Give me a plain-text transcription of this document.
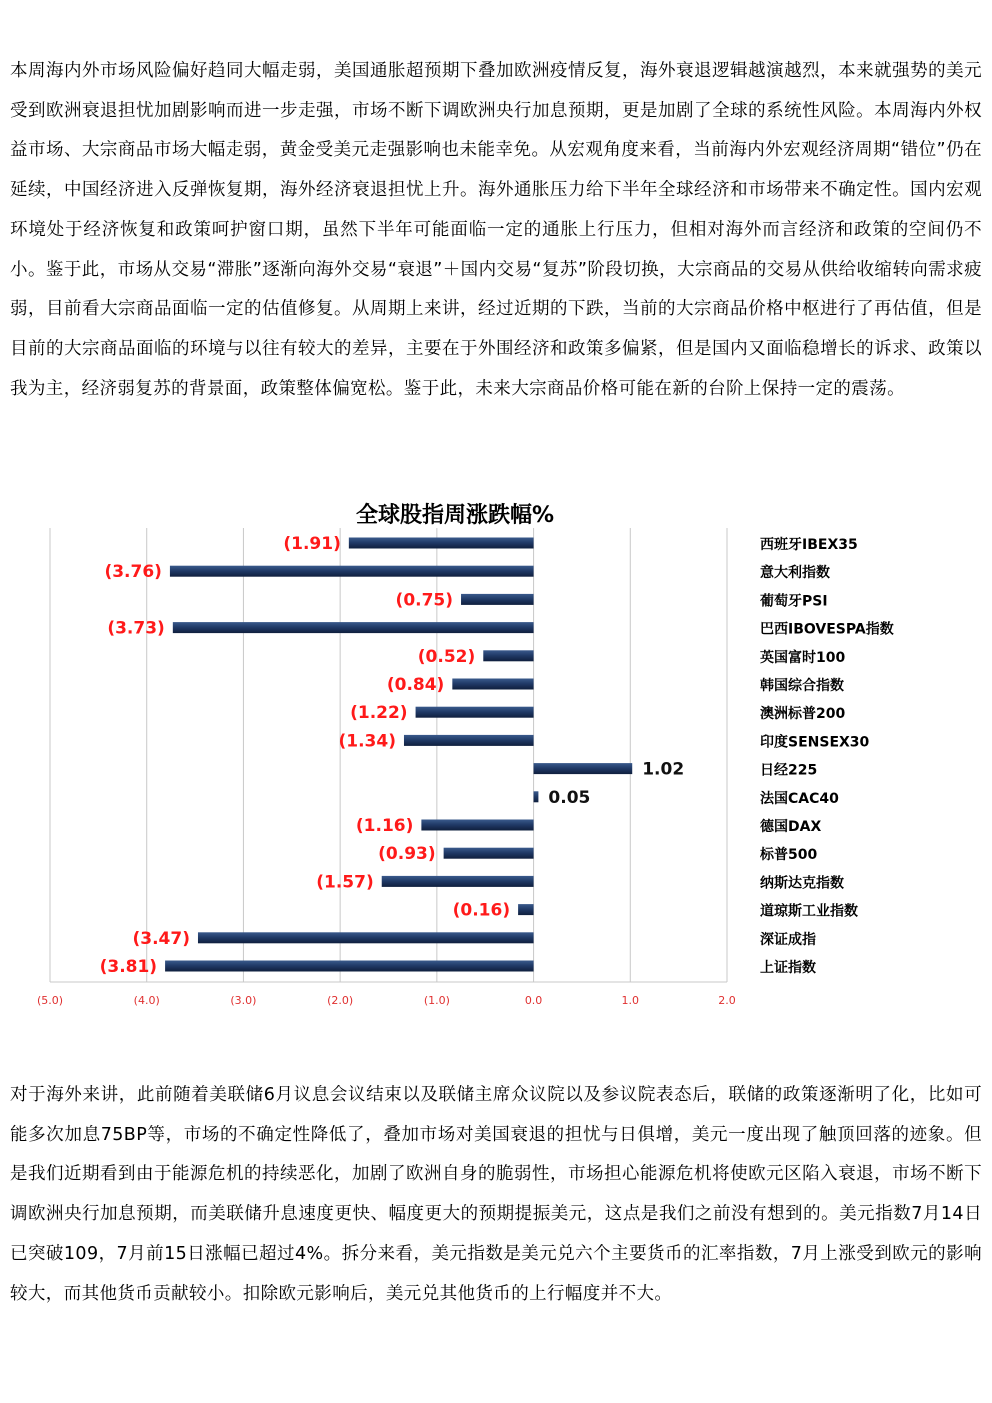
本周海内外市场风险偏好趋同大幅走弱，美国通胀超预期下叠加欧洲疫情反复，海外衰退逻辑越演越烈，本来就强势的美元受到欧洲衰退担忧加剧影响而进一步走强，市场不断下调欧洲央行加息预期，更是加剧了全球的系统性风险。本周海内外权益市场、大宗商品市场大幅走弱，黄金受美元走强影响也未能幸免。从宏观角度来看，当前海内外宏观经济周期“错位”仍在延续，中国经济进入反弹恢复期，海外经济衰退担忧上升。海外通胀压力给下半年全球经济和市场带来不确定性。国内宏观环境处于经济恢复和政策呵护窗口期，虽然下半年可能面临一定的通胀上行压力，但相对海外而言经济和政策的空间仍不小。鉴于此，市场从交易“滞胀”逐渐向海外交易“衰退”＋国内交易“复苏”阶段切换，大宗商品的交易从供给收缩转向需求疲弱，目前看大宗商品面临一定的估值修复。从周期上来讲，经过近期的下跌，当前的大宗商品价格中枢进行了再估值，但是目前的大宗商品面临的环境与以往有较大的差异，主要在于外围经济和政策多偏紧，但是国内又面临稳增长的诉求、政策以我为主，经济弱复苏的背景面，政策整体偏宽松。鉴于此，未来大宗商品价格可能在新的台阶上保持一定的震荡。

全球股指周涨跌幅%
(1.91)
(3.76)
(0.75)
(3.73)
(0.52)
(0.84)
(1.22)
(1.34)
1.02
0.05
(1.16)
(0.93)
(1.57)
(0.16)
(3.47)
(3.81)
西班牙IBEX35
意大利指数
葡萄牙PSI
巴西IBOVESPA指数
英国富时100
韩国综合指数
澳洲标普200
印度SENSEX30
日经225
法国CAC40
德国DAX
标普500
纳斯达克指数
道琼斯工业指数
深证成指
上证指数
(5.0)	(4.0)	(3.0)	(2.0)	(1.0)	0.0	1.0	2.0

对于海外来讲，此前随着美联储6月议息会议结束以及联储主席众议院以及参议院表态后，联储的政策逐渐明了化，比如可能多次加息75BP等，市场的不确定性降低了，叠加市场对美国衰退的担忧与日俱增，美元一度出现了触顶回落的迹象。但是我们近期看到由于能源危机的持续恶化，加剧了欧洲自身的脆弱性，市场担心能源危机将使欧元区陷入衰退，市场不断下调欧洲央行加息预期，而美联储升息速度更快、幅度更大的预期提振美元，这点是我们之前没有想到的。美元指数7月14日已突破109，7月前15日涨幅已超过4%。拆分来看，美元指数是美元兑六个主要货币的汇率指数，7月上涨受到欧元的影响较大，而其他货币贡献较小。扣除欧元影响后，美元兑其他货币的上行幅度并不大。
